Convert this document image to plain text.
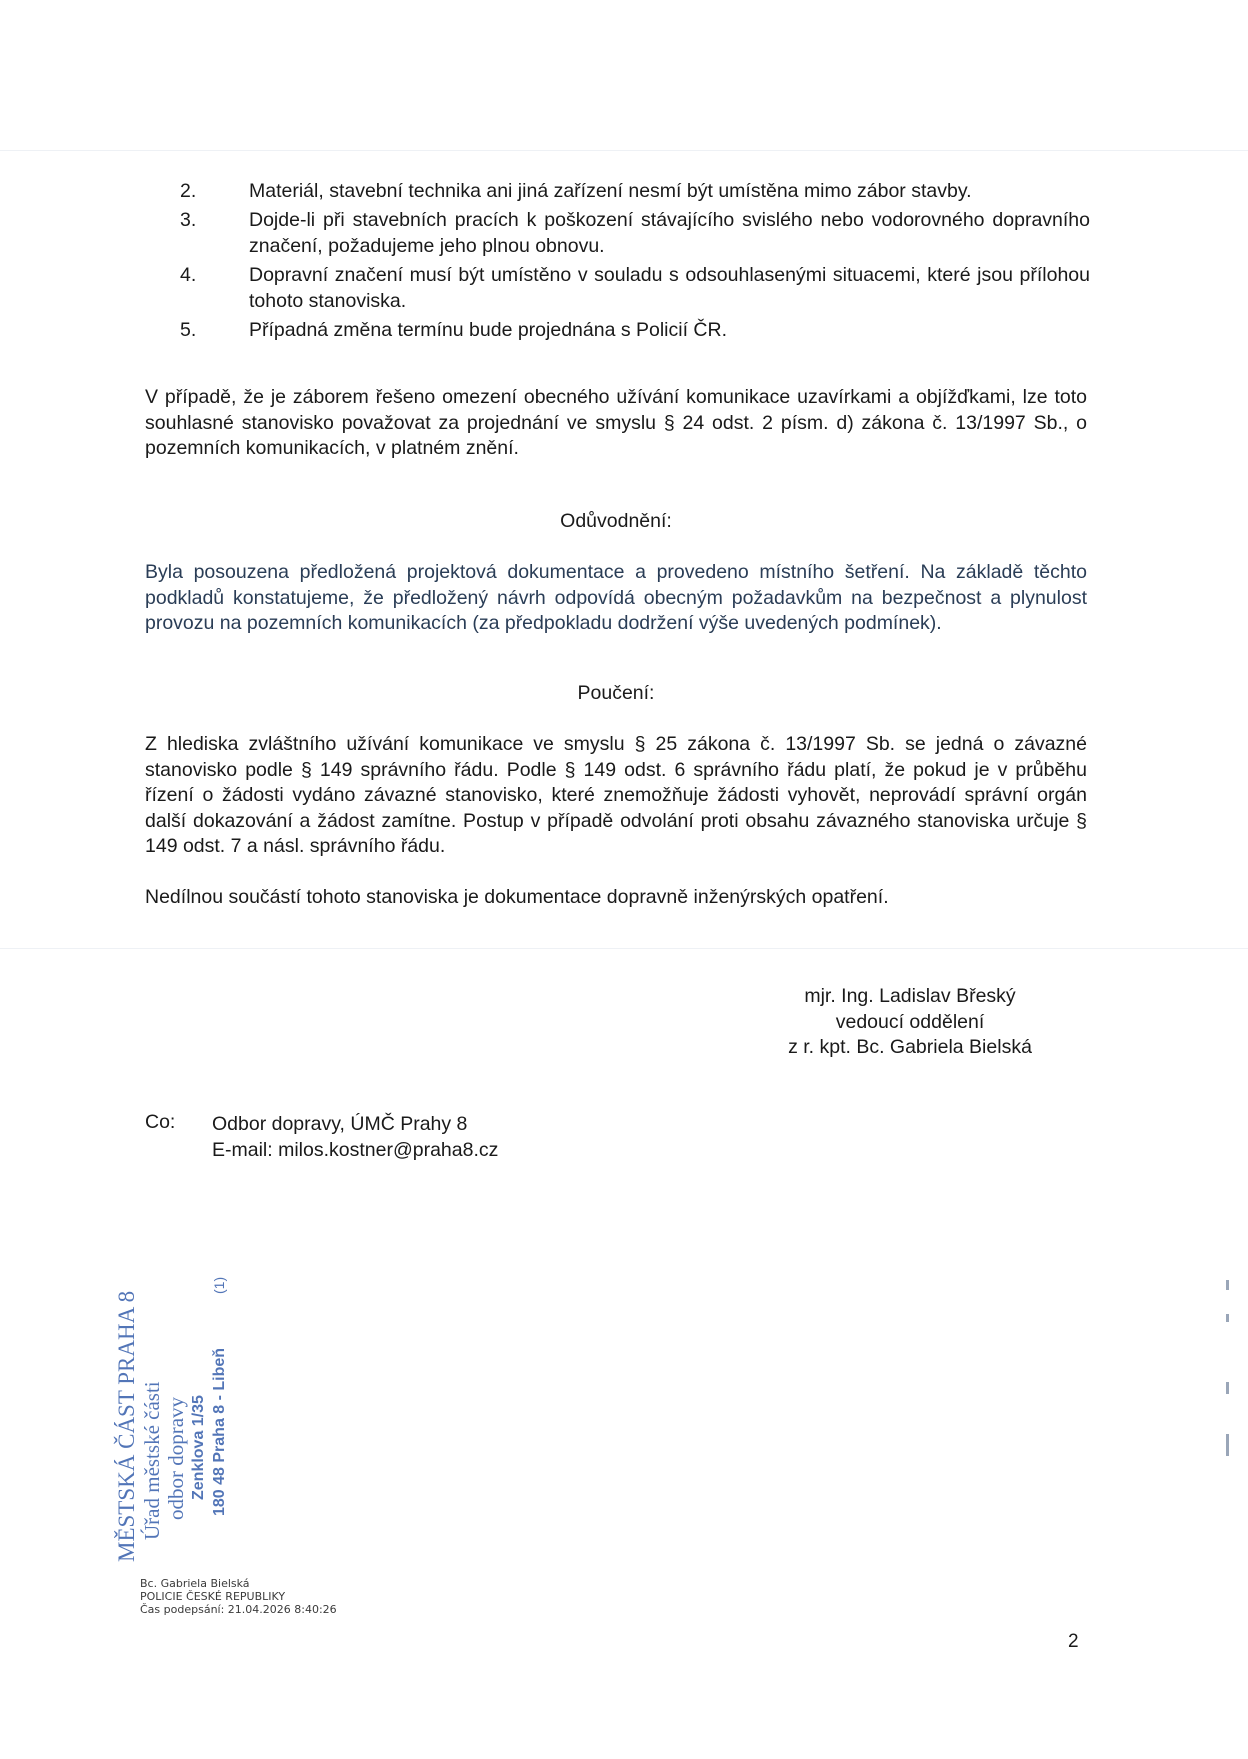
2.	Materiál, stavební technika ani jiná zařízení nesmí být umístěna mimo zábor stavby.
3.	Dojde-li při stavebních pracích k poškození stávajícího svislého nebo vodorovného dopravního značení, požadujeme jeho plnou obnovu.
4.	Dopravní značení musí být umístěno v souladu s odsouhlasenými situacemi, které jsou přílohou tohoto stanoviska.
5.	Případná změna termínu bude projednána s Policií ČR.
V případě, že je záborem řešeno omezení obecného užívání komunikace uzavírkami a objížďkami, lze toto souhlasné stanovisko považovat za projednání ve smyslu § 24 odst. 2 písm. d) zákona č. 13/1997 Sb., o pozemních komunikacích, v platném znění.
Odůvodnění:
Byla posouzena předložená projektová dokumentace a provedeno místního šetření. Na základě těchto podkladů konstatujeme, že předložený návrh odpovídá obecným požadavkům na bezpečnost a plynulost provozu na pozemních komunikacích (za předpokladu dodržení výše uvedených podmínek).
Poučení:
Z hlediska zvláštního užívání komunikace ve smyslu § 25 zákona č. 13/1997 Sb. se jedná o závazné stanovisko podle § 149 správního řádu. Podle § 149 odst. 6 správního řádu platí, že pokud je v průběhu řízení o žádosti vydáno závazné stanovisko, které znemožňuje žádosti vyhovět, neprovádí správní orgán další dokazování a žádost zamítne. Postup v případě odvolání proti obsahu závazného stanoviska určuje § 149 odst. 7 a násl. správního řádu.
Nedílnou součástí tohoto stanoviska je dokumentace dopravně inženýrských opatření.
mjr. Ing. Ladislav Břeský
vedoucí oddělení
z r. kpt. Bc. Gabriela Bielská
Co: Odbor dopravy, ÚMČ Prahy 8
E-mail: milos.kostner@praha8.cz
MĚSTSKÁ ČÁST PRAHA 8 Úřad městské části odbor dopravy Zenklova 1/35 180 48 Praha 8 - Libeň
(1)
Bc. Gabriela Bielská
POLICIE ČESKÉ REPUBLIKY
Čas podepsání: 21.04.2026 8:40:26
2
